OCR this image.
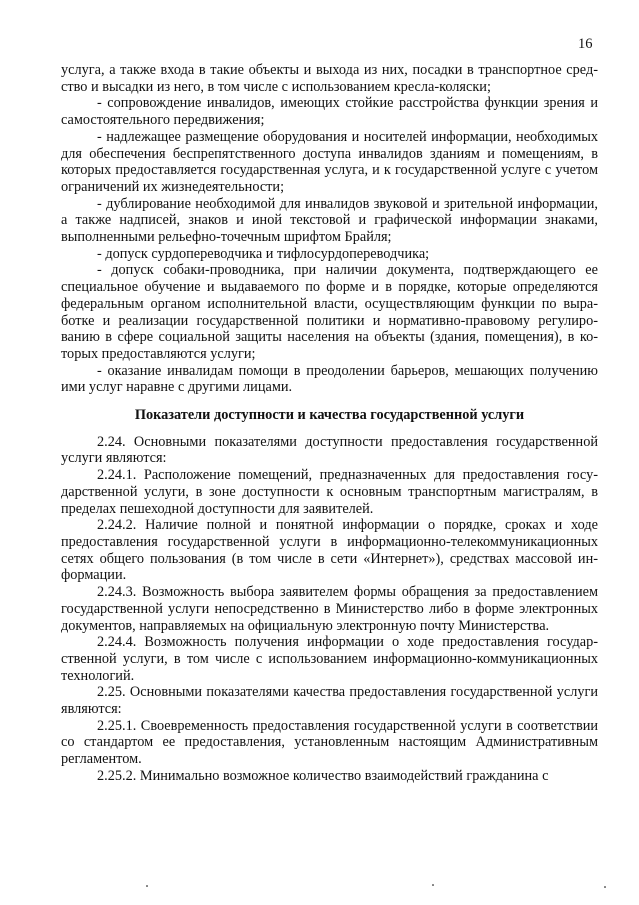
16

услуга, а также входа в такие объекты и выхода из них, посадки в транспортное средство и высадки из него, в том числе с использованием кресла-коляски;

- сопровождение инвалидов, имеющих стойкие расстройства функции зрения и самостоятельного передвижения;

- надлежащее размещение оборудования и носителей информации, необходимых для обеспечения беспрепятственного доступа инвалидов зданиям и помещениям, в которых предоставляется государственная услуга, и к государственной услуге с учетом ограничений их жизнедеятельности;

- дублирование необходимой для инвалидов звуковой и зрительной информации, а также надписей, знаков и иной текстовой и графической информации знаками, выполненными рельефно-точечным шрифтом Брайля;

- допуск сурдопереводчика и тифлосурдопереводчика;

- допуск собаки-проводника, при наличии документа, подтверждающего ее специальное обучение и выдаваемого по форме и в порядке, которые определяются федеральным органом исполнительной власти, осуществляющим функции по выработке и реализации государственной политики и нормативно-правовому регулированию в сфере социальной защиты населения на объекты (здания, помещения), в которых предоставляются услуги;

- оказание инвалидам помощи в преодолении барьеров, мешающих получению ими услуг наравне с другими лицами.

Показатели доступности и качества государственной услуги

2.24. Основными показателями доступности предоставления государственной услуги являются:

2.24.1. Расположение помещений, предназначенных для предоставления государственной услуги, в зоне доступности к основным транспортным магистралям, в пределах пешеходной доступности для заявителей.

2.24.2. Наличие полной и понятной информации о порядке, сроках и ходе предоставления государственной услуги в информационно-телекоммуникационных сетях общего пользования (в том числе в сети «Интернет»), средствах массовой информации.

2.24.3. Возможность выбора заявителем формы обращения за предоставлением государственной услуги непосредственно в Министерство либо в форме электронных документов, направляемых на официальную электронную почту Министерства.

2.24.4. Возможность получения информации о ходе предоставления государственной услуги, в том числе с использованием информационно-коммуникационных технологий.

2.25. Основными показателями качества предоставления государственной услуги являются:

2.25.1. Своевременность предоставления государственной услуги в соответствии со стандартом ее предоставления, установленным настоящим Административным регламентом.

2.25.2. Минимально возможное количество взаимодействий гражданина с
